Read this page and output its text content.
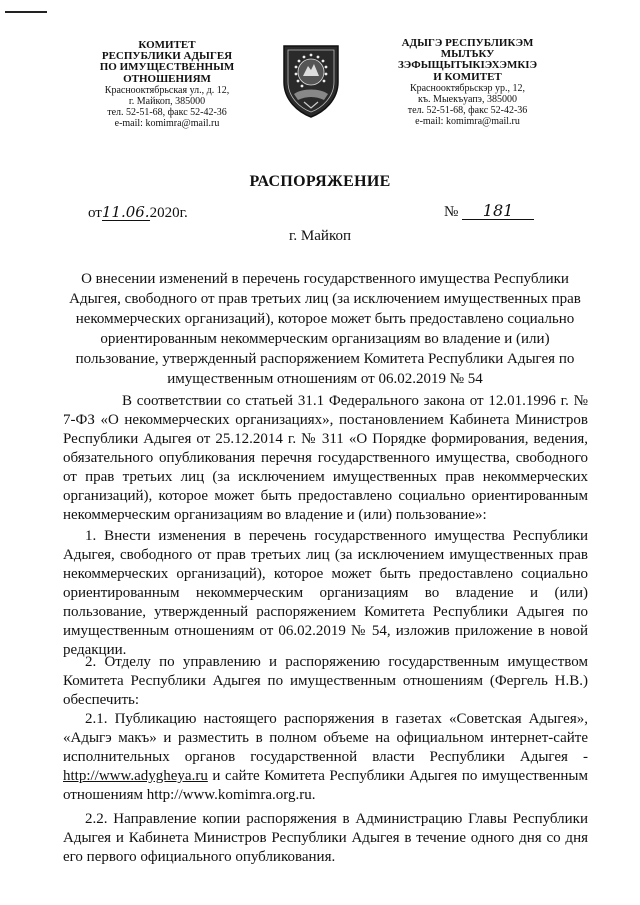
КОМИТЕТ
РЕСПУБЛИКИ АДЫГЕЯ
ПО ИМУЩЕСТВЕННЫМ ОТНОШЕНИЯМ
Краснооктябрьская ул., д. 12,
г. Майкоп, 385000
тел. 52-51-68, факс 52-42-36
e-mail: komimra@mail.ru
АДЫГЭ РЕСПУБЛИКЭМ
МЫЛЪКУ ЗЭФЫЩЫТЫКІЭХЭМКІЭ
И КОМИТЕТ
Краснооктябрьскэр ур., 12,
къ. Мыекъуапэ, 385000
тел. 52-51-68, факс 52-42-36
e-mail: komimra@mail.ru
РАСПОРЯЖЕНИЕ
от11.06.2020г.	№ 181
г. Майкоп
О внесении изменений в перечень государственного имущества Республики Адыгея, свободного от прав третьих лиц (за исключением имущественных прав некоммерческих организаций), которое может быть предоставлено социально ориентированным некоммерческим организациям во владение и (или) пользование, утвержденный распоряжением Комитета Республики Адыгея по имущественным отношениям от 06.02.2019 № 54
В соответствии со статьей 31.1 Федерального закона от 12.01.1996 г. № 7-ФЗ «О некоммерческих организациях», постановлением Кабинета Министров Республики Адыгея от 25.12.2014 г. № 311 «О Порядке формирования, ведения, обязательного опубликования перечня государственного имущества, свободного от прав третьих лиц (за исключением имущественных прав некоммерческих организаций), которое может быть предоставлено социально ориентированным некоммерческим организациям во владение и (или) пользование»:
1. Внести изменения в перечень государственного имущества Республики Адыгея, свободного от прав третьих лиц (за исключением имущественных прав некоммерческих организаций), которое может быть предоставлено социально ориентированным некоммерческим организациям во владение и (или) пользование, утвержденный распоряжением Комитета Республики Адыгея по имущественным отношениям от 06.02.2019 № 54, изложив приложение в новой редакции.
2. Отделу по управлению и распоряжению государственным имуществом Комитета Республики Адыгея по имущественным отношениям (Фергель Н.В.) обеспечить:
2.1. Публикацию настоящего распоряжения в газетах «Советская Адыгея», «Адыгэ макъ» и разместить в полном объеме на официальном интернет-сайте исполнительных органов государственной власти Республики Адыгея - http://www.adygheya.ru и сайте Комитета Республики Адыгея по имущественным отношениям http://www.komimra.org.ru.
2.2. Направление копии распоряжения в Администрацию Главы Республики Адыгея и Кабинета Министров Республики Адыгея в течение одного дня со дня его первого официального опубликования.
